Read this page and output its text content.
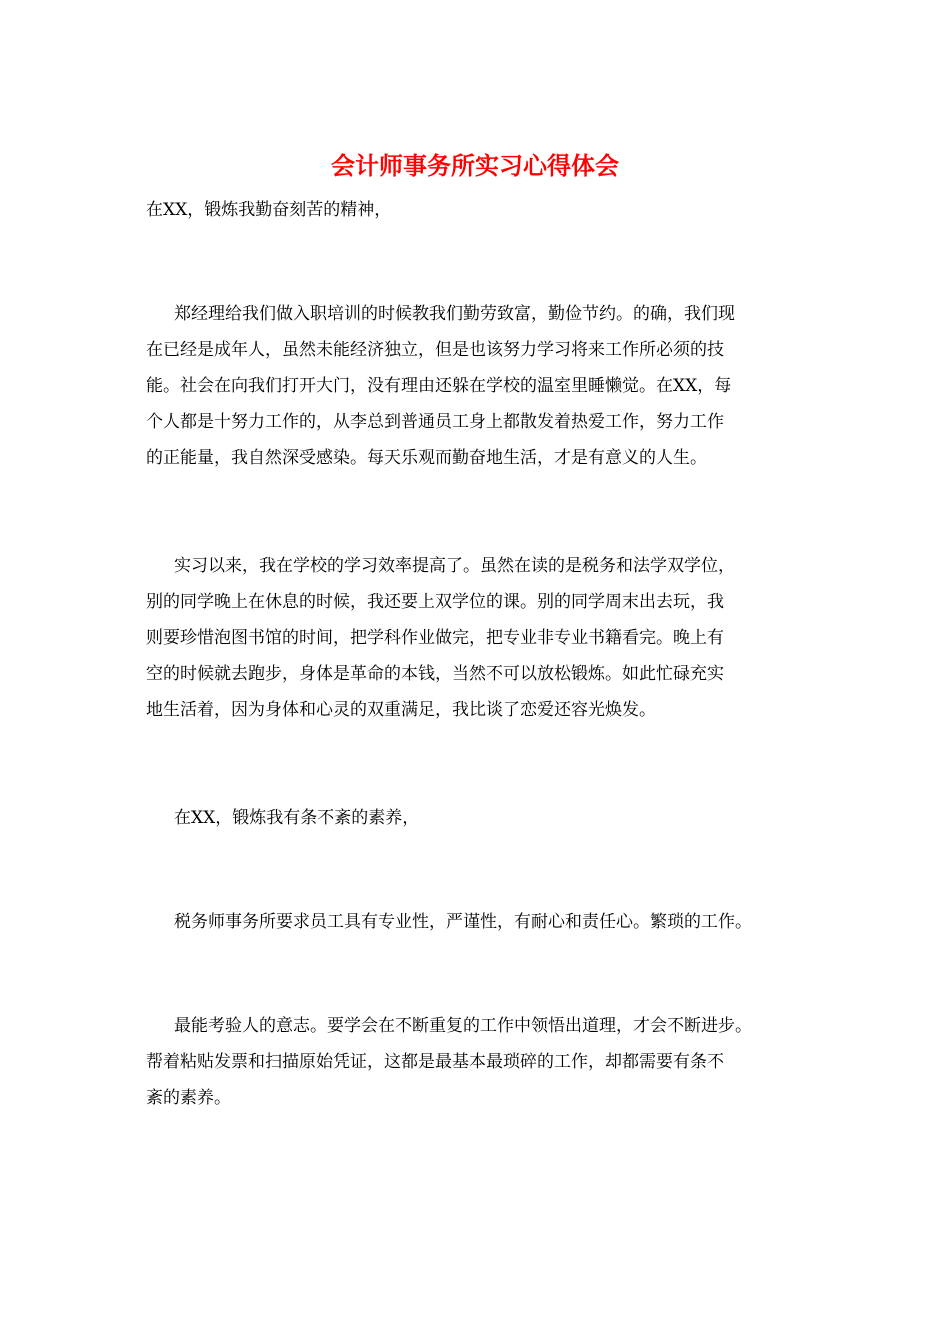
会计师事务所实习心得体会
在XX，锻炼我勤奋刻苦的精神，
郑经理给我们做入职培训的时候教我们勤劳致富，勤俭节约。的确，我们现
在已经是成年人，虽然未能经济独立，但是也该努力学习将来工作所必须的技
能。社会在向我们打开大门，没有理由还躲在学校的温室里睡懒觉。在XX，每
个人都是十努力工作的，从李总到普通员工身上都散发着热爱工作，努力工作
的正能量，我自然深受感染。每天乐观而勤奋地生活，才是有意义的人生。
实习以来，我在学校的学习效率提高了。虽然在读的是税务和法学双学位，
别的同学晚上在休息的时候，我还要上双学位的课。别的同学周末出去玩，我
则要珍惜泡图书馆的时间，把学科作业做完，把专业非专业书籍看完。晚上有
空的时候就去跑步，身体是革命的本钱，当然不可以放松锻炼。如此忙碌充实
地生活着，因为身体和心灵的双重满足，我比谈了恋爱还容光焕发。
在XX，锻炼我有条不紊的素养，
税务师事务所要求员工具有专业性，严谨性，有耐心和责任心。繁琐的工作。
最能考验人的意志。要学会在不断重复的工作中领悟出道理，才会不断进步。
帮着粘贴发票和扫描原始凭证，这都是最基本最琐碎的工作，却都需要有条不
紊的素养。
